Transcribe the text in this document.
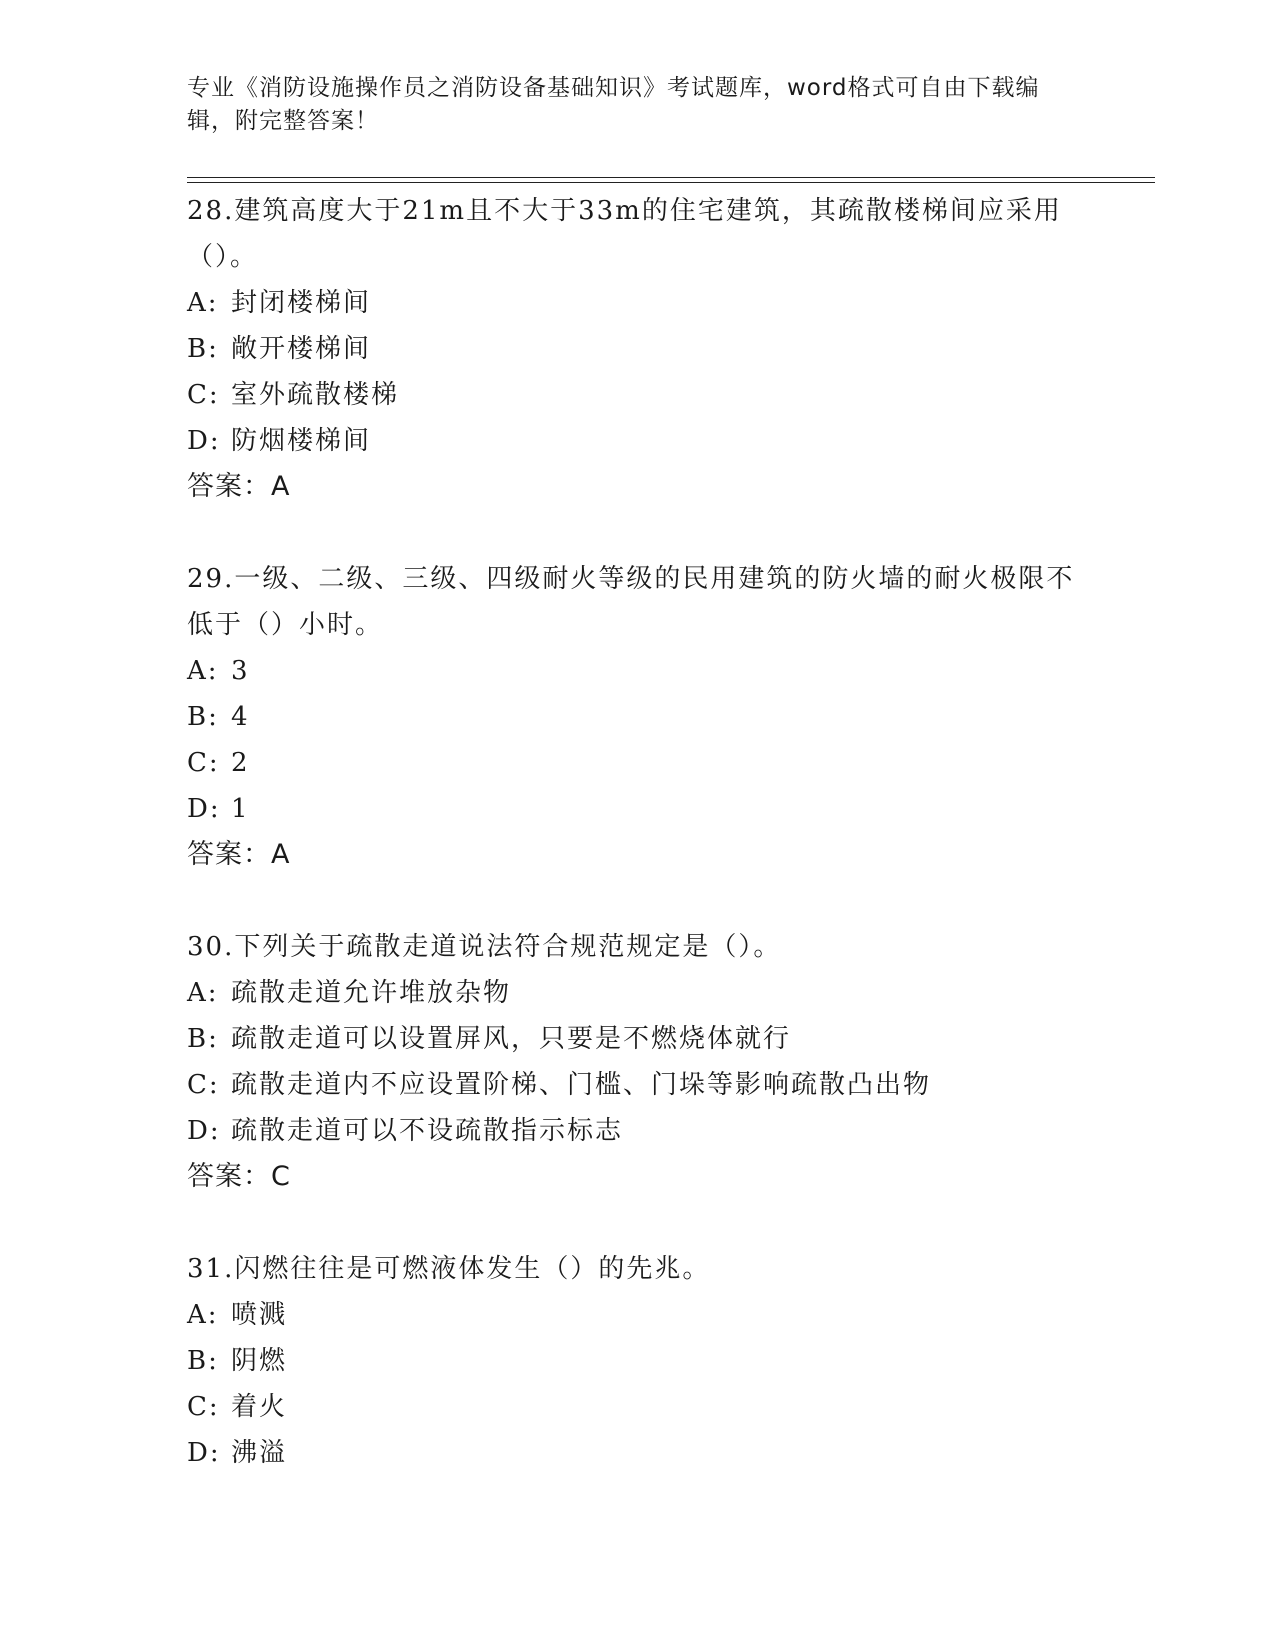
专业《消防设施操作员之消防设备基础知识》考试题库，word格式可自由下载编辑，附完整答案！
28.建筑高度大于21m且不大于33m的住宅建筑，其疏散楼梯间应采用（）。
A: 封闭楼梯间
B: 敞开楼梯间
C: 室外疏散楼梯
D: 防烟楼梯间
答案：A
29.一级、二级、三级、四级耐火等级的民用建筑的防火墙的耐火极限不低于（）小时。
A: 3
B: 4
C: 2
D: 1
答案：A
30.下列关于疏散走道说法符合规范规定是（）。
A: 疏散走道允许堆放杂物
B: 疏散走道可以设置屏风，只要是不燃烧体就行
C: 疏散走道内不应设置阶梯、门槛、门垛等影响疏散凸出物
D: 疏散走道可以不设疏散指示标志
答案：C
31.闪燃往往是可燃液体发生（）的先兆。
A: 喷溅
B: 阴燃
C: 着火
D: 沸溢
